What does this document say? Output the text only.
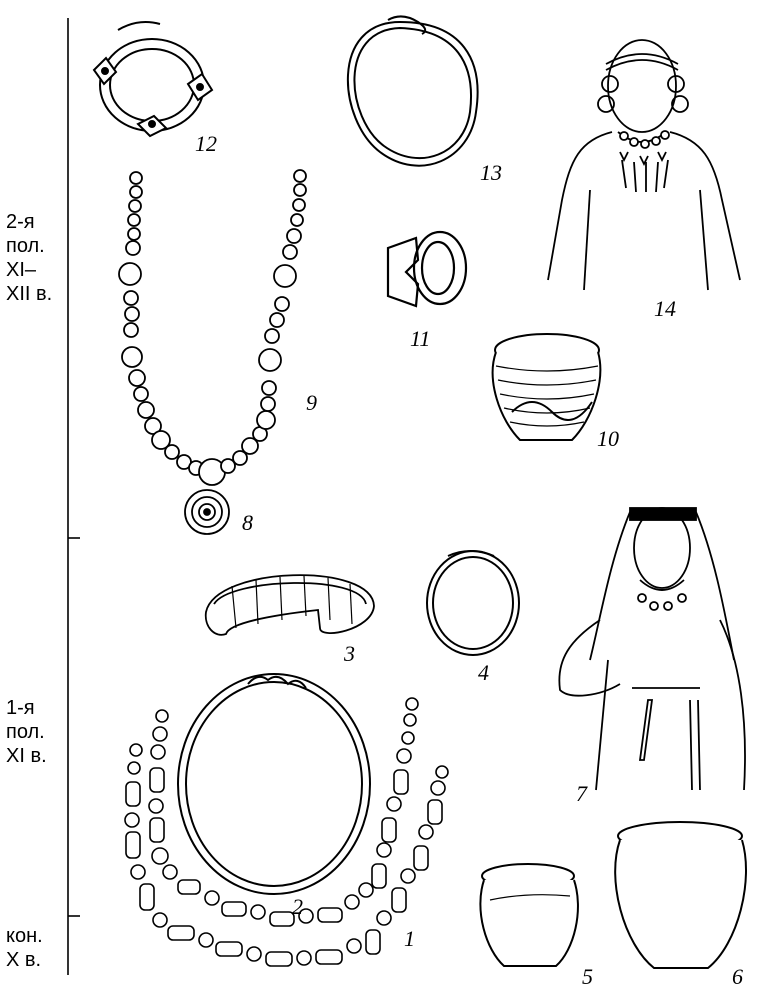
2-я
пол.
XI–
XII в.
1-я
пол.
XI в.
кон.
X в.
12
13
14
11
9
10
8
3
4
7
2
1
5	6
